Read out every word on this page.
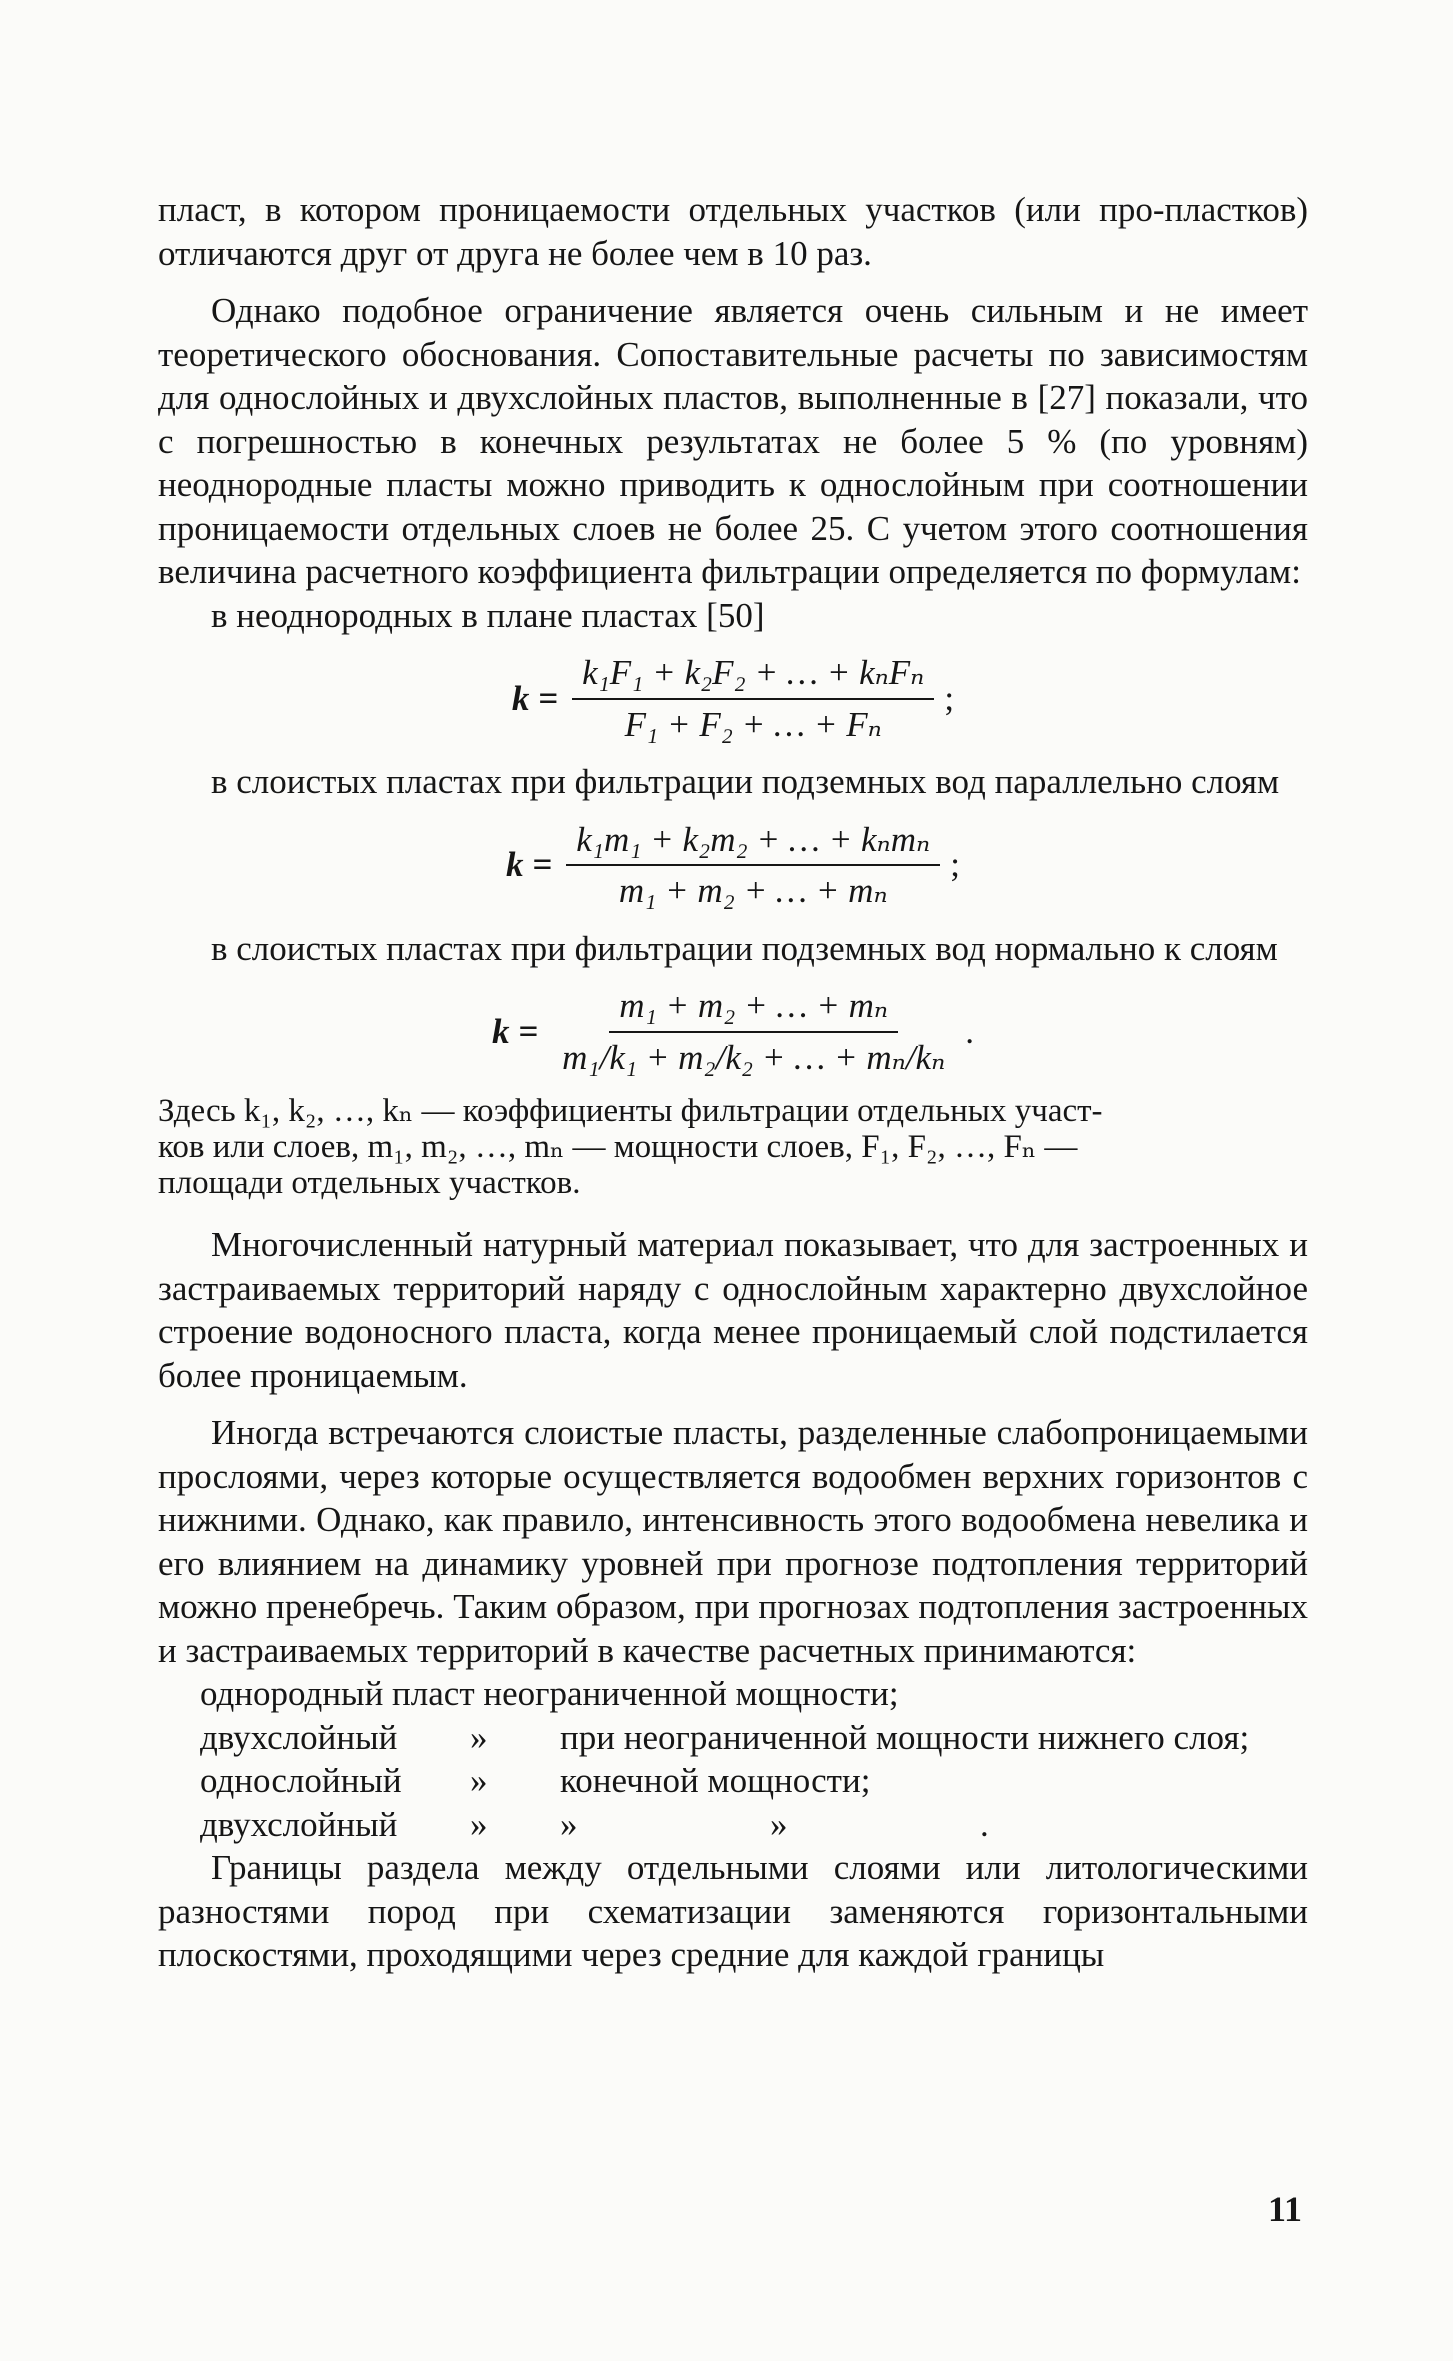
пласт, в котором проницаемости отдельных участков (или про-пластков) отличаются друг от друга не более чем в 10 раз.

Однако подобное ограничение является очень сильным и не имеет теоретического обоснования. Сопоставительные расчеты по зависимостям для однослойных и двухслойных пластов, выполненные в [27] показали, что с погрешностью в конечных результатах не более 5 % (по уровням) неоднородные пласты можно приводить к однослойным при соотношении проницаемости отдельных слоев не более 25. С учетом этого соотношения величина расчетного коэффициента фильтрации определяется по формулам:

в неоднородных в плане пластах [50]

$k = \frac{\text{k₁F₁ + k₂F₂ + … + kₙFₙ}}{\text{F₁ + F₂ + … + Fₙ}}$ ;

в слоистых пластах при фильтрации подземных вод параллельно слоям

$k = \frac{\text{k₁m₁ + k₂m₂ + … + kₙmₙ}}{\text{m₁ + m₂ + … + mₙ}}$ ;

в слоистых пластах при фильтрации подземных вод нормально к слоям

$k = \frac{\text{m₁ + m₂ + … + mₙ}}{\text{m₁/k₁ + m₂/k₂ + … + mₙ/kₙ}}$ .
Здесь k₁, k₂, …, kₙ — коэффициенты фильтрации отдельных участ-
ков или слоев, m₁, m₂, …, mₙ — мощности слоев, F₁, F₂, …, Fₙ —
площади отдельных участков.

Многочисленный натурный материал показывает, что для застроенных и застраиваемых территорий наряду с однослойным характерно двухслойное строение водоносного пласта, когда менее проницаемый слой подстилается более проницаемым.

Иногда встречаются слоистые пласты, разделенные слабопроницаемыми прослоями, через которые осуществляется водообмен верхних горизонтов с нижними. Однако, как правило, интенсивность этого водообмена невелика и его влиянием на динамику уровней при прогнозе подтопления территорий можно пренебречь. Таким образом, при прогнозах подтопления застроенных и застраиваемых территорий в качестве расчетных принимаются:

однородный пласт неограниченной мощности;
двухслойный	»	при неограниченной мощности нижнего слоя;
однослойный	»	конечной мощности;
двухслойный	»	»	»	.

Границы раздела между отдельными слоями или литологическими разностями пород при схематизации заменяются горизонтальными плоскостями, проходящими через средние для каждой границы

11
